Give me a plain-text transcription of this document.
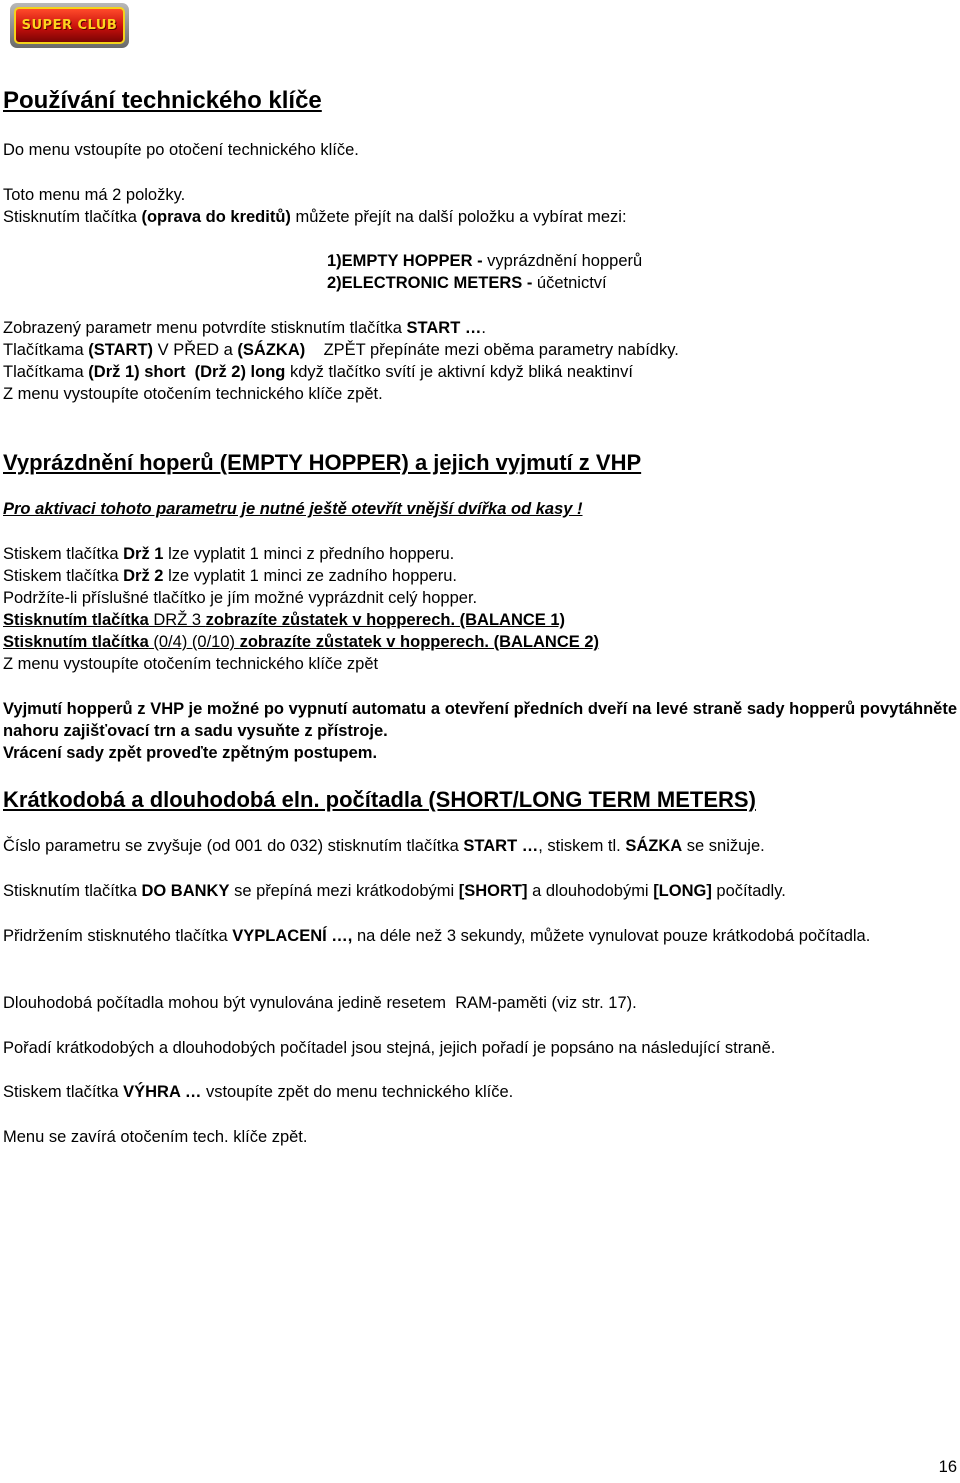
SUPER CLUB
Používání technického klíče

Do menu vstoupíte po otočení technického klíče.

Toto menu má 2 položky.

Stisknutím tlačítka (oprava do kreditů) můžete přejít na další položku a vybírat mezi:

1)EMPTY HOPPER - vyprázdnění hopperů

2)ELECTRONIC METERS - účetnictví

Zobrazený parametr menu potvrdíte stisknutím tlačítka START ….

Tlačítkama (START) V PŘED a (SÁZKA)    ZPĚT přepínáte mezi oběma parametry nabídky.

Tlačítkama (Drž 1) short (Drž 2) long když tlačítko svítí je aktivní když bliká neaktinví

Z menu vystoupíte otočením technického klíče zpět.

Vyprázdnění hoperů (EMPTY HOPPER) a jejich vyjmutí z VHP

Pro aktivaci tohoto parametru je nutné ještě otevřít vnější dvířka od kasy !

Stiskem tlačítka Drž 1 lze vyplatit 1 minci z předního hopperu.

Stiskem tlačítka Drž 2 lze vyplatit 1 minci ze zadního hopperu.

Podržíte-li příslušné tlačítko je jím možné vyprázdnit celý hopper.

Stisknutím tlačítka DRŽ 3 zobrazíte zůstatek v hopperech. (BALANCE 1)

Stisknutím tlačítka (0/4) (0/10) zobrazíte zůstatek v hopperech. (BALANCE 2)

Z menu vystoupíte otočením technického klíče zpět

Vyjmutí hopperů z VHP je možné po vypnutí automatu a otevření předních dveří na levé straně sady hopperů povytáhněte nahoru zajišťovací trn a sadu vysuňte z přístroje.

Vrácení sady zpět proveďte zpětným postupem.

Krátkodobá a dlouhodobá eln. počítadla (SHORT/LONG TERM METERS)

Číslo parametru se zvyšuje (od 001 do 032) stisknutím tlačítka START …, stiskem tl. SÁZKA se snižuje.

Stisknutím tlačítka DO BANKY se přepíná mezi krátkodobými [SHORT] a dlouhodobými [LONG] počítadly.

Přidržením stisknutého tlačítka VYPLACENÍ …, na déle než 3 sekundy, můžete vynulovat pouze krátkodobá počítadla.

Dlouhodobá počítadla mohou být vynulována jedině resetem  RAM-paměti (viz str. 17).

Pořadí krátkodobých a dlouhodobých počítadel jsou stejná, jejich pořadí je popsáno na následující straně.

Stiskem tlačítka VÝHRA … vstoupíte zpět do menu technického klíče.

Menu se zavírá otočením tech. klíče zpět.

16
